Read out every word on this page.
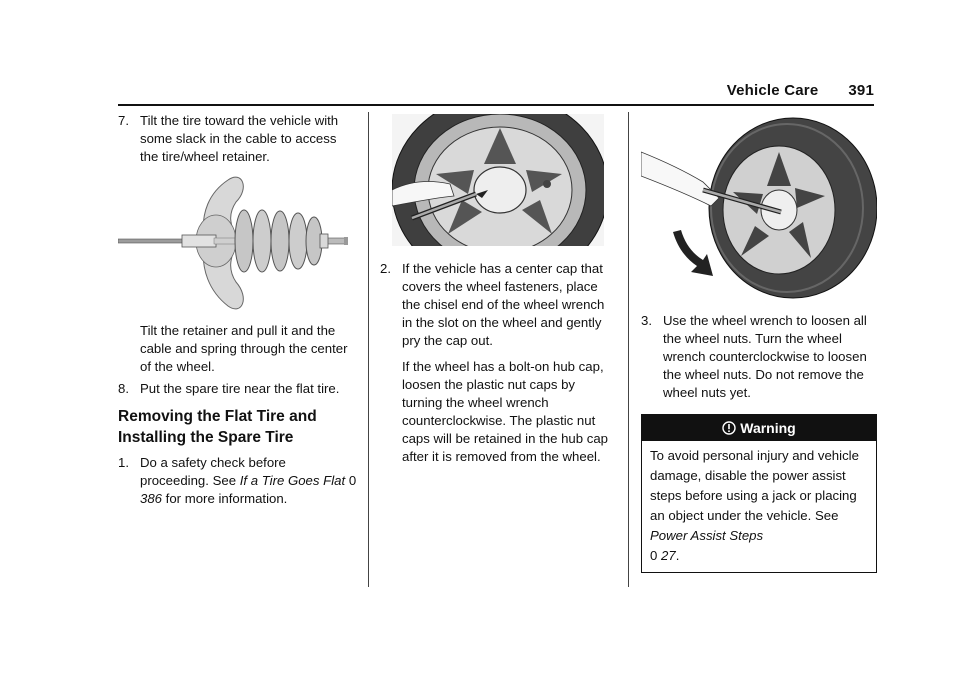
Vehicle Care 391
7. Tilt the tire toward the vehicle with some slack in the cable to access the tire/wheel retainer.

Tilt the retainer and pull it and the cable and spring through the center of the wheel.

8. Put the spare tire near the flat tire.
Removing the Flat Tire and Installing the Spare Tire
1. Do a safety check before proceeding. See If a Tire Goes Flat 0 386 for more information.
2. If the vehicle has a center cap that covers the wheel fasteners, place the chisel end of the wheel wrench in the slot on the wheel and gently pry the cap out.

If the wheel has a bolt-on hub cap, loosen the plastic nut caps by turning the wheel wrench counterclockwise. The plastic nut caps will be retained in the hub cap after it is removed from the wheel.

3. Use the wheel wrench to loosen all the wheel nuts. Turn the wheel wrench counterclockwise to loosen the wheel nuts. Do not remove the wheel nuts yet.
Warning
To avoid personal injury and vehicle damage, disable the power assist steps before using a jack or placing an object under the vehicle. See Power Assist Steps
0 27.
